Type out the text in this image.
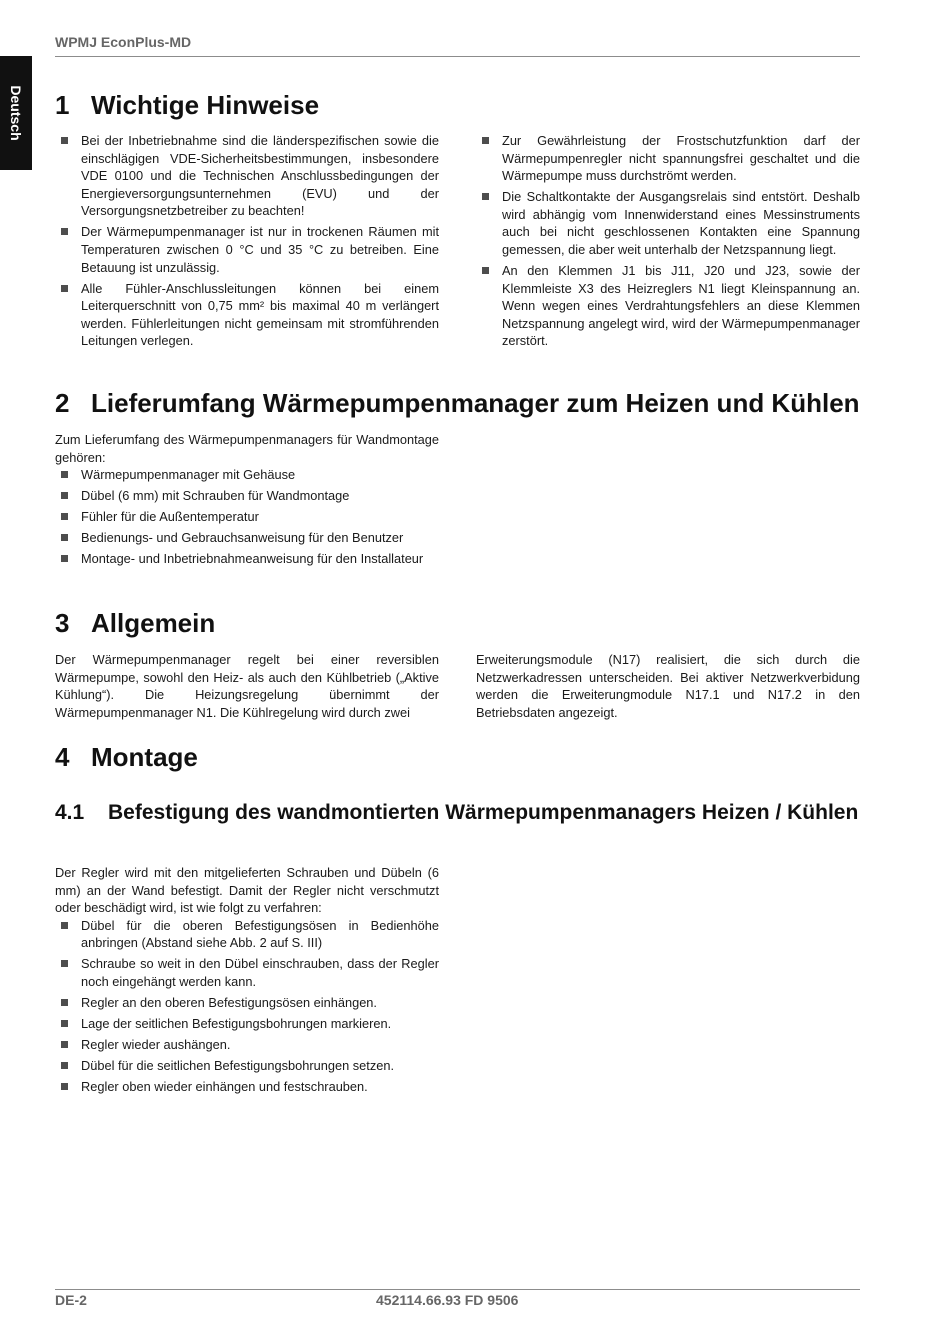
WPMJ EconPlus-MD
Deutsch 1 Wichtige Hinweise
Bei der Inbetriebnahme sind die länderspezifischen sowie die einschlägigen VDE-Sicherheitsbestimmungen, insbesondere VDE 0100 und die Technischen Anschlussbedingungen der Energieversorgungsunternehmen (EVU) und der Versorgungsnetzbetreiber zu beachten!
Der Wärmepumpenmanager ist nur in trockenen Räumen mit Temperaturen zwischen 0 °C und 35 °C zu betreiben. Eine Betauung ist unzulässig.
Alle Fühler-Anschlussleitungen können bei einem Leiterquerschnitt von 0,75 mm² bis maximal 40 m verlängert werden. Fühlerleitungen nicht gemeinsam mit stromführenden Leitungen verlegen.
Zur Gewährleistung der Frostschutzfunktion darf der Wärmepumpenregler nicht spannungsfrei geschaltet und die Wärmepumpe muss durchströmt werden.
Die Schaltkontakte der Ausgangsrelais sind entstört. Deshalb wird abhängig vom Innenwiderstand eines Messinstruments auch bei nicht geschlossenen Kontakten eine Spannung gemessen, die aber weit unterhalb der Netzspannung liegt.
An den Klemmen J1 bis J11, J20 und J23, sowie der Klemmleiste X3 des Heizreglers N1 liegt Kleinspannung an. Wenn wegen eines Verdrahtungsfehlers an diese Klemmen Netzspannung angelegt wird, wird der Wärmepumpenmanager zerstört.
2 Lieferumfang Wärmepumpenmanager zum Heizen und Kühlen

Zum Lieferumfang des Wärmepumpenmanagers für Wandmontage gehören:

Wärmepumpenmanager mit Gehäuse
Dübel (6 mm) mit Schrauben für Wandmontage
Fühler für die Außentemperatur
Bedienungs- und Gebrauchsanweisung für den Benutzer
Montage- und Inbetriebnahmeanweisung für den Installateur
3 Allgemein

Der Wärmepumpenmanager regelt bei einer reversiblen Wärmepumpe, sowohl den Heiz- als auch den Kühlbetrieb („Aktive Kühlung“). Die Heizungsregelung übernimmt der Wärmepumpenmanager N1. Die Kühlregelung wird durch zwei

Erweiterungsmodule (N17) realisiert, die sich durch die Netzwerkadressen unterscheiden. Bei aktiver Netzwerkverbidung werden die Erweiterungmodule N17.1 und N17.2 in den Betriebsdaten angezeigt.

4 Montage
4.1 Befestigung des wandmontierten Wärmepumpenmanagers Heizen / Kühlen

Der Regler wird mit den mitgelieferten Schrauben und Dübeln (6 mm) an der Wand befestigt. Damit der Regler nicht verschmutzt oder beschädigt wird, ist wie folgt zu verfahren:

Dübel für die oberen Befestigungsösen in Bedienhöhe anbringen (Abstand siehe Abb. 2 auf S. III)
Schraube so weit in den Dübel einschrauben, dass der Regler noch eingehängt werden kann.
Regler an den oberen Befestigungsösen einhängen.
Lage der seitlichen Befestigungsbohrungen markieren.
Regler wieder aushängen.
Dübel für die seitlichen Befestigungsbohrungen setzen.
Regler oben wieder einhängen und festschrauben.
DE-2	452114.66.93 FD 9506
